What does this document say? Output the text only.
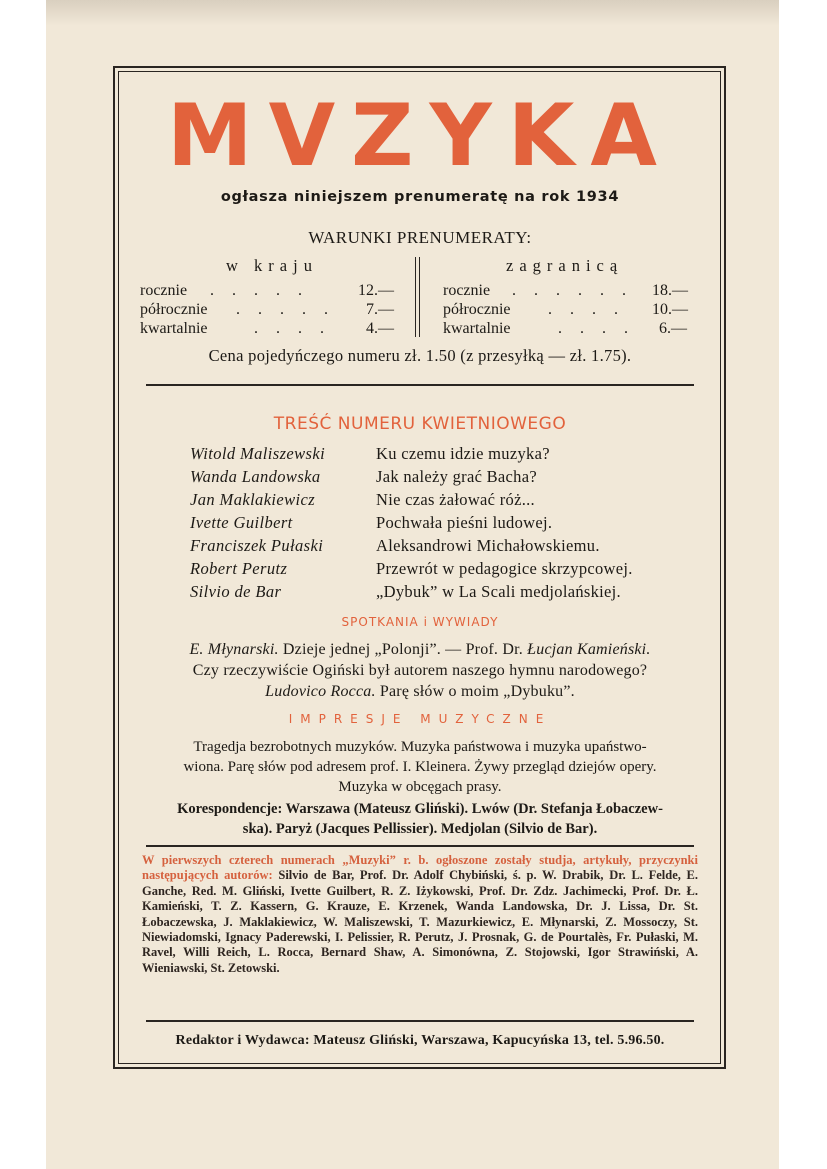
MVZYKA
ogłasza niniejszem prenumeratę na rok 1934
WARUNKI PRENUMERATY:
w kraju	zagranicą
rocznie . . . . .	12.—
półrocznie . . . . . 7.—
kwartalnie	. . . . 4.—
rocznie . . . . . . 18.—
półrocznie . . . . 10.—
kwartalnie	. . . . 6.—
Cena pojedyńczego numeru zł. 1.50 (z przesyłką — zł. 1.75).
TREŚĆ NUMERU KWIETNIOWEGO
Witold Maliszewski	Ku czemu idzie muzyka?
Wanda Landowska	Jak należy grać Bacha?
Jan Maklakiewicz	Nie czas żałować róż...
Ivette Guilbert	Pochwała pieśni ludowej.
Franciszek Pułaski	Aleksandrowi Michałowskiemu.
Robert Perutz	Przewrót w pedagogice skrzypcowej.
Silvio de Bar	„Dybuk” w La Scali medjolańskiej.
SPOTKANIA i WYWIADY
E. Młynarski. Dzieje jednej „Polonji”. — Prof. Dr. Łucjan Kamieński.
Czy rzeczywiście Ogiński był autorem naszego hymnu narodowego?
Ludovico Rocca. Parę słów o moim „Dybuku”.
IMPRESJE MUZYCZNE
Tragedja bezrobotnych muzyków. Muzyka państwowa i muzyka upaństwo-
wiona. Parę słów pod adresem prof. I. Kleinera. Żywy przegląd dziejów opery.
Muzyka w obcęgach prasy.
Korespondencje: Warszawa (Mateusz Gliński). Lwów (Dr. Stefanja Łobaczew-
ska). Paryż (Jacques Pellissier). Medjolan (Silvio de Bar).
W pierwszych czterech numerach „Muzyki” r. b. ogłoszone zostały studja, artykuły, przyczynki następujących autorów: Silvio de Bar, Prof. Dr. Adolf Chybiński, ś. p. W. Drabik, Dr. L. Felde, E. Ganche, Red. M. Gliński, Ivette Guilbert, R. Z. Iżykowski, Prof. Dr. Zdz. Jachimecki, Prof. Dr. Ł. Kamieński, T. Z. Kassern, G. Krauze, E. Krzenek, Wanda Landowska, Dr. J. Lissa, Dr. St. Łobaczewska, J. Maklakiewicz, W. Maliszewski, T. Mazurkiewicz, E. Młynarski, Z. Mossoczy, St. Niewiadomski, Ignacy Paderewski, I. Pelissier, R. Perutz, J. Prosnak, G. de Pourtalès, Fr. Pułaski, M. Ravel, Willi Reich, L. Rocca, Bernard Shaw, A. Simonówna, Z. Stojowski, Igor Strawiński, A. Wieniawski, St. Zetowski.
Redaktor i Wydawca: Mateusz Gliński, Warszawa, Kapucyńska 13, tel. 5.96.50.
